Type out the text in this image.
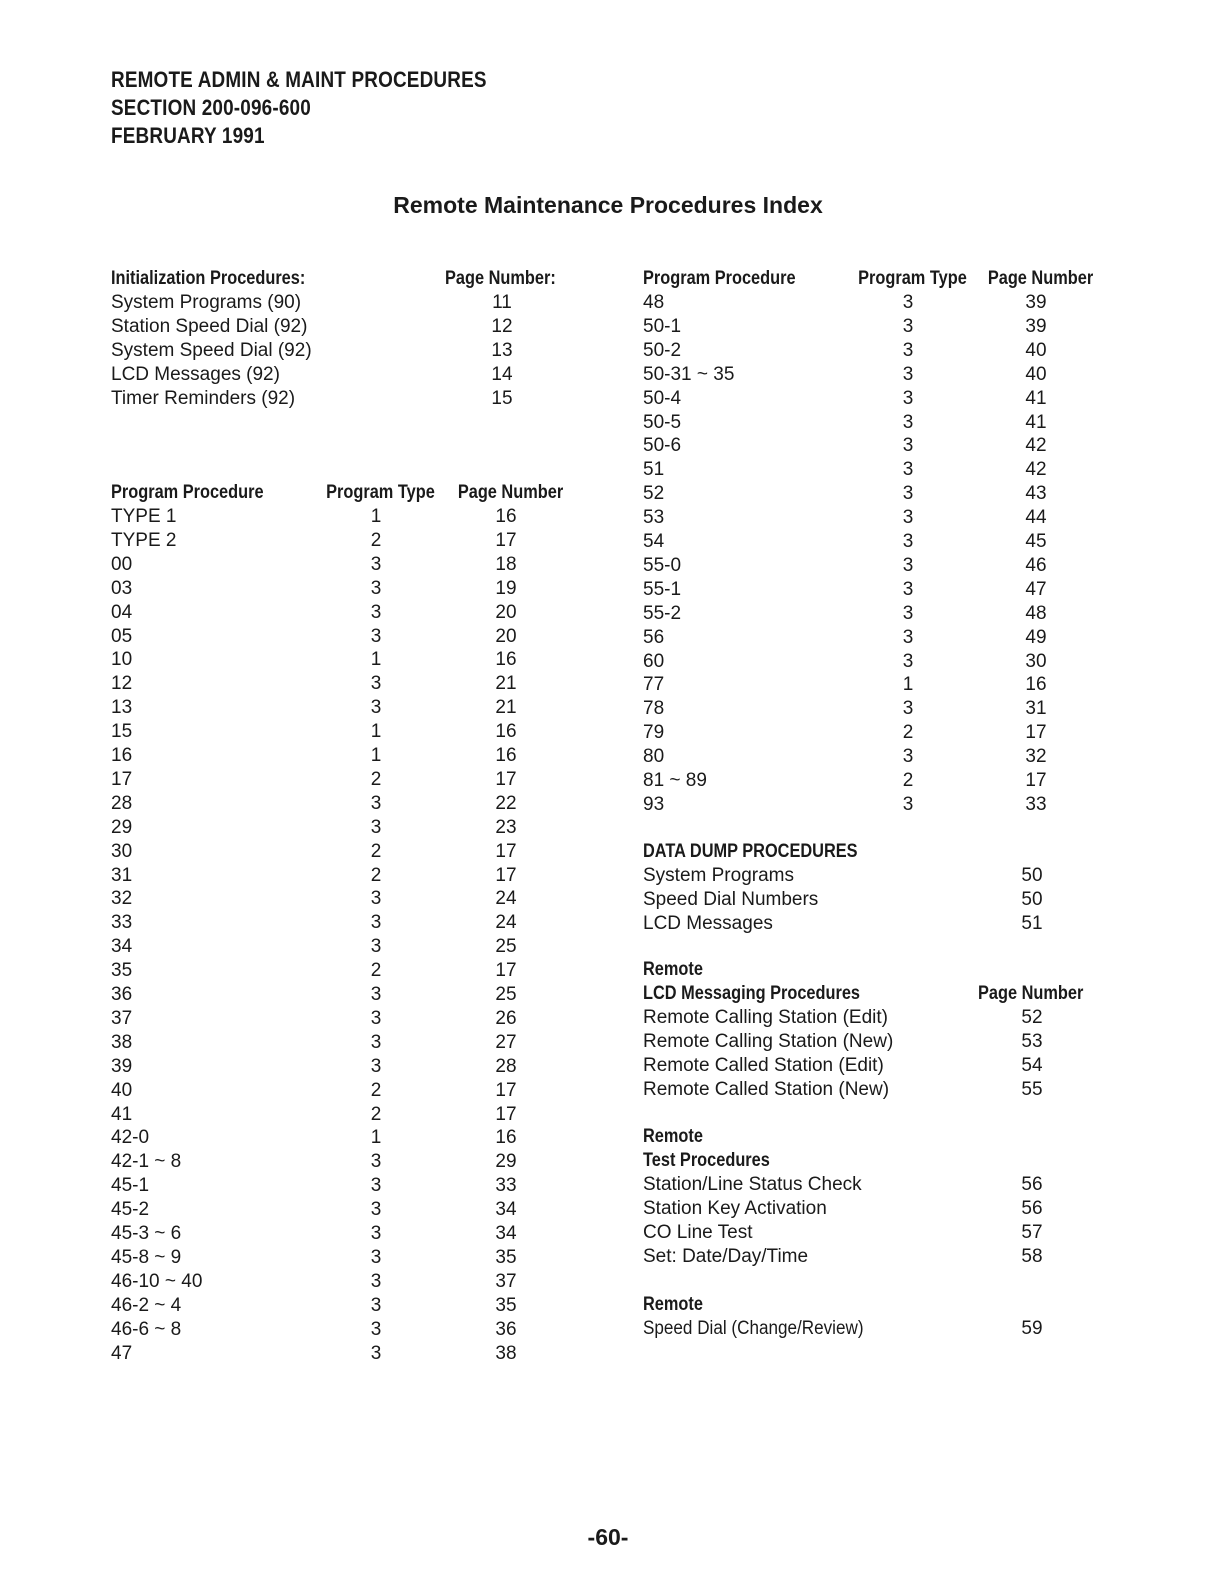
REMOTE ADMIN & MAINT PROCEDURES
SECTION 200-096-600
FEBRUARY 1991
Remote Maintenance Procedures Index
Initialization Procedures:	Page Number:
System Programs (90)	11
Station Speed Dial (92)	12
System Speed Dial (92)	13
LCD Messages (92)	14
Timer Reminders (92)	15
Program Procedure	Program Type Page Number
TYPE 1	1	16
TYPE 2	2	17
00	3	18
03	3	19
04	3	20
05	3	20
10	1	16
12	3	21
13	3	21
15	1	16
16	1	16
17	2	17
28	3	22
29	3	23
30	2	17
31	2	17
32	3	24
33	3	24
34	3	25
35	2	17
36	3	25
37	3	26
38	3	27
39	3	28
40	2	17
41	2	17
42-0	1	16
42-1 ~ 8	3	29
45-1	3	33
45-2	3	34
45-3 ~ 6	3	34
45-8 ~ 9	3	35
46-10 ~ 40	3	37
46-2 ~ 4	3	35
46-6 ~ 8	3	36
47	3	38
Program Procedure	Program Type Page Number
48	3	39
50-1	3	39
50-2	3	40
50-31 ~ 35	3	40
50-4	3	41
50-5	3	41
50-6	3	42
51	3	42
52	3	43
53	3	44
54	3	45
55-0	3	46
55-1	3	47
55-2	3	48
56	3	49
60	3	30
77	1	16
78	3	31
79	2	17
80	3	32
81 ~ 89	2	17
93	3	33
DATA DUMP PROCEDURES
System Programs	50
Speed Dial Numbers	50
LCD Messages	51
Remote
LCD Messaging Procedures	Page Number
Remote Calling Station (Edit)	52
Remote Calling Station (New)	53
Remote Called Station (Edit)	54
Remote Called Station (New)	55
Remote
Test Procedures
Station/Line Status Check	56
Station Key Activation	56
CO Line Test	57
Set: Date/Day/Time	58
Remote
Speed Dial (Change/Review)	59
-60-
